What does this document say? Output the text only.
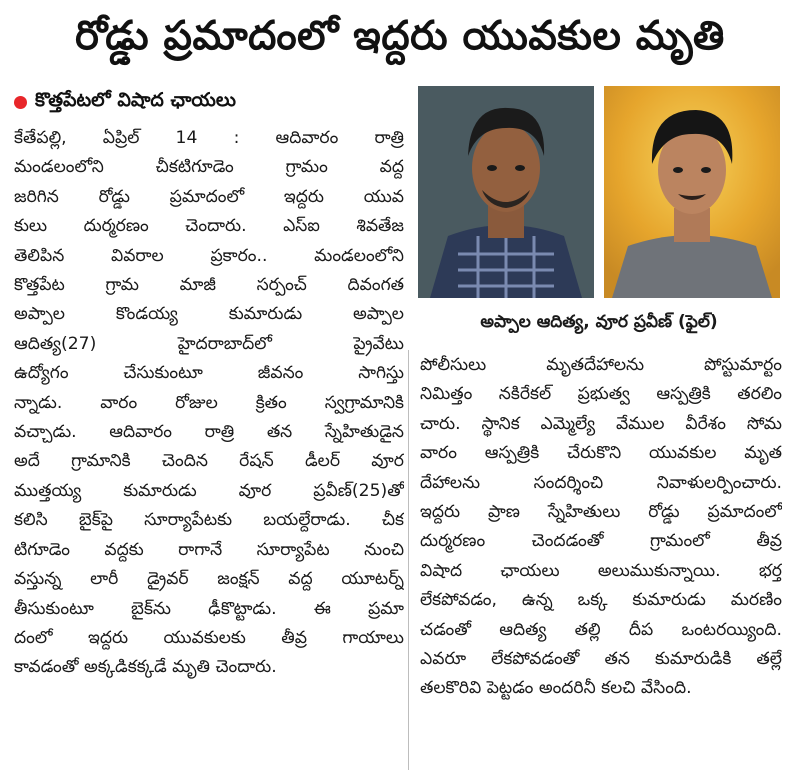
రోడ్డు ప్రమాదంలో ఇద్దరు యువకుల మృతి
కొత్తపేటలో విషాద ఛాయలు
కేతేపల్లి, ఏప్రిల్ 14 : ఆదివారం రాత్రి
మండలంలోని చీకటిగూడెం గ్రామం వద్ద
జరిగిన రోడ్డు ప్రమాదంలో ఇద్దరు యువ
కులు దుర్మరణం చెందారు. ఎస్ఐ శివతేజ
తెలిపిన వివరాల ప్రకారం.. మండలంలోని
కొత్తపేట గ్రామ మాజీ సర్పంచ్ దివంగత
అప్పాల కొండయ్య కుమారుడు అప్పాల
ఆదిత్య(27) హైదరాబాద్‌లో ప్రైవేటు
ఉద్యోగం చేసుకుంటూ జీవనం సాగిస్తు
న్నాడు. వారం రోజుల క్రితం స్వగ్రామానికి
వచ్చాడు. ఆదివారం రాత్రి తన స్నేహితుడైన
అదే గ్రామానికి చెందిన రేషన్ డీలర్ వూర
ముత్తయ్య కుమారుడు వూర ప్రవీణ్(25)తో
కలిసి బైక్‌పై సూర్యాపేటకు బయల్దేరాడు. చీక
టిగూడెం వద్దకు రాగానే సూర్యాపేట నుంచి
వస్తున్న లారీ డ్రైవర్ జంక్షన్ వద్ద యూటర్న్
తీసుకుంటూ బైక్‌ను ఢీకొట్టాడు. ఈ ప్రమా
దంలో ఇద్దరు యువకులకు తీవ్ర గాయాలు
కావడంతో అక్కడికక్కడే మృతి చెందారు.
అప్పాల ఆదిత్య, వూర ప్రవీణ్ (ఫైల్)
పోలీసులు మృతదేహాలను పోస్టుమార్టం
నిమిత్తం నకిరేకల్ ప్రభుత్వ ఆస్పత్రికి తరలిం
చారు. స్థానిక ఎమ్మెల్యే వేముల వీరేశం సోమ
వారం ఆస్పత్రికి చేరుకొని యువకుల మృత
దేహాలను సందర్శించి నివాళులర్పించారు.
ఇద్దరు ప్రాణ స్నేహితులు రోడ్డు ప్రమాదంలో
దుర్మరణం చెందడంతో గ్రామంలో తీవ్ర
విషాద ఛాయలు అలుముకున్నాయి. భర్త
లేకపోవడం, ఉన్న ఒక్క కుమారుడు మరణిం
చడంతో ఆదిత్య తల్లి దీప ఒంటరయ్యింది.
ఎవరూ లేకపోవడంతో తన కుమారుడికి తల్లే
తలకొరివి పెట్టడం అందరినీ కలచి వేసింది.
